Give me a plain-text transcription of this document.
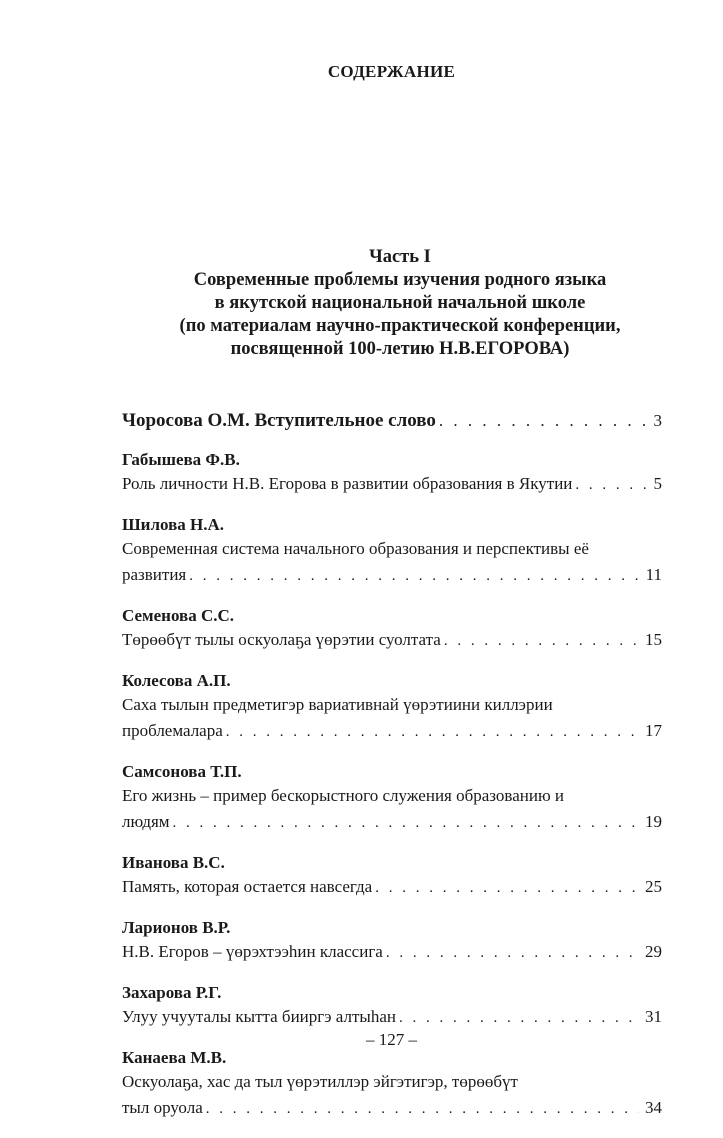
СОДЕРЖАНИЕ
Часть I
Современные проблемы изучения родного языка
в якутской национальной начальной школе
(по материалам научно-практической конференции,
посвященной 100-летию Н.В.ЕГОРОВА)
Чоросова О.М. Вступительное слово . . .	3
Габышева Ф.В.
Роль личности Н.В. Егорова в развитии образования в Якутии . . .	5
Шилова Н.А.
Современная система начального образования и перспективы её
развития . . .	11
Семенова С.С.
Төрөөбүт тылы оскуолаҕа үөрэтии суолтата . . .	15
Колесова А.П.
Саха тылын предметигэр вариативнай үөрэтиини киллэрии
проблемалара . . .	17
Самсонова Т.П.
Его жизнь – пример бескорыстного служения образованию и
людям . . .	19
Иванова В.С.
Память, которая остается навсегда . . .	25
Ларионов В.Р.
Н.В. Егоров – үөрэхтээһин классига . . .	29
Захарова Р.Г.
Улуу учууталы кытта бииргэ алтыһан . . .	31
Канаева М.В.
Оскуолаҕа, хас да тыл үөрэтиллэр эйгэтигэр, төрөөбүт
тыл оруола . . .	34
– 127 –
